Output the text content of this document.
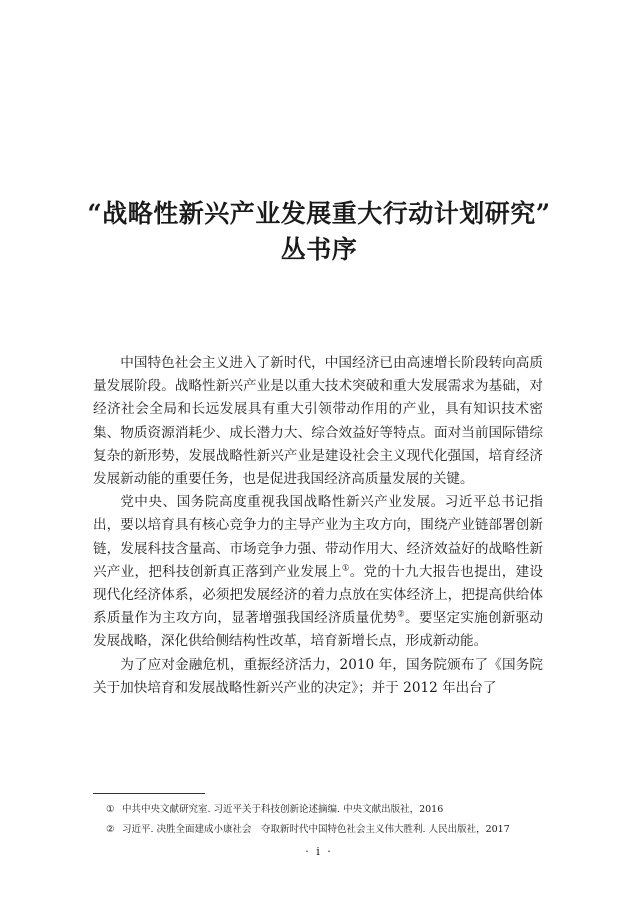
“战略性新兴产业发展重大行动计划研究”
丛书序

中国特色社会主义进入了新时代，中国经济已由高速增长阶段转向高质量发展阶段。战略性新兴产业是以重大技术突破和重大发展需求为基础，对经济社会全局和长远发展具有重大引领带动作用的产业，具有知识技术密集、物质资源消耗少、成长潜力大、综合效益好等特点。面对当前国际错综复杂的新形势，发展战略性新兴产业是建设社会主义现代化强国，培育经济发展新动能的重要任务，也是促进我国经济高质量发展的关键。

党中央、国务院高度重视我国战略性新兴产业发展。习近平总书记指出，要以培育具有核心竞争力的主导产业为主攻方向，围绕产业链部署创新链，发展科技含量高、市场竞争力强、带动作用大、经济效益好的战略性新兴产业，把科技创新真正落到产业发展上①。党的十九大报告也提出，建设现代化经济体系，必须把发展经济的着力点放在实体经济上，把提高供给体系质量作为主攻方向，显著增强我国经济质量优势②。要坚定实施创新驱动发展战略，深化供给侧结构性改革，培育新增长点，形成新动能。

为了应对金融危机，重振经济活力，2010 年，国务院颁布了《国务院关于加快培育和发展战略性新兴产业的决定》；并于 2012 年出台了

① 中共中央文献研究室. 习近平关于科技创新论述摘编. 中央文献出版社，2016
② 习近平. 决胜全面建成小康社会　夺取新时代中国特色社会主义伟大胜利. 人民出版社，2017
· i ·
